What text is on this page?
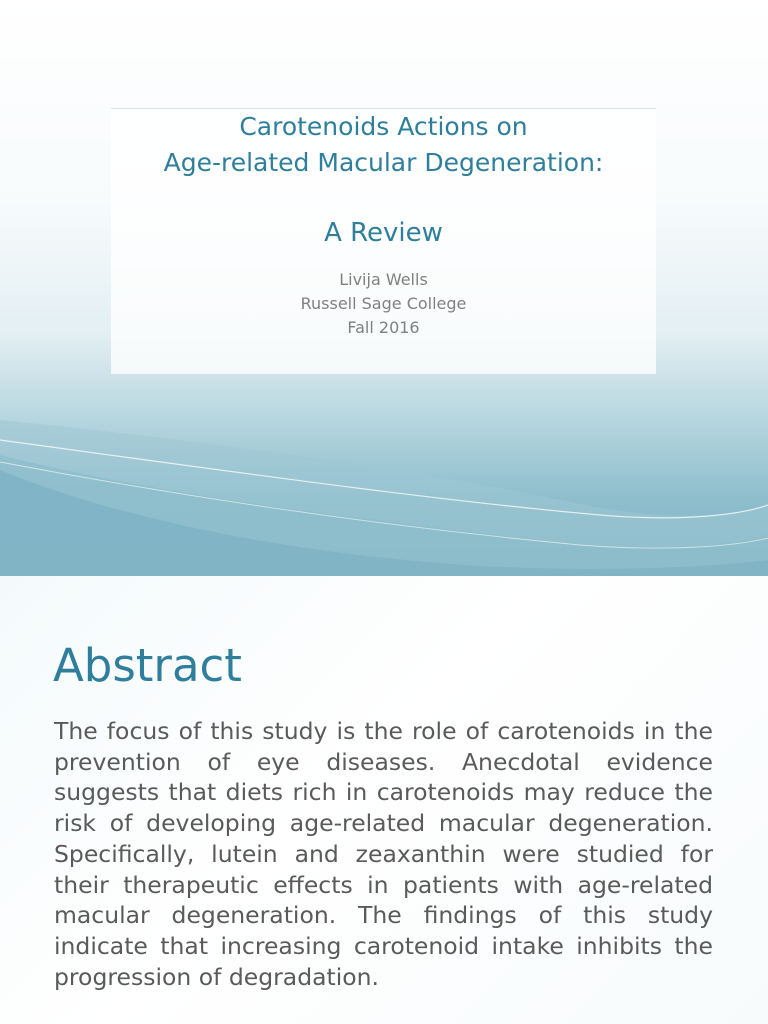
Carotenoids Actions on
Age-related Macular Degeneration:
A Review
Livija Wells
Russell Sage College
Fall 2016
Abstract

The focus of this study is the role of carotenoids in the prevention of eye diseases. Anecdotal evidence suggests that diets rich in carotenoids may reduce the risk of developing age-related macular degeneration. Specifically, lutein and zeaxanthin were studied for their therapeutic effects in patients with age-related macular degeneration. The findings of this study indicate that increasing carotenoid intake inhibits the progression of degradation.
